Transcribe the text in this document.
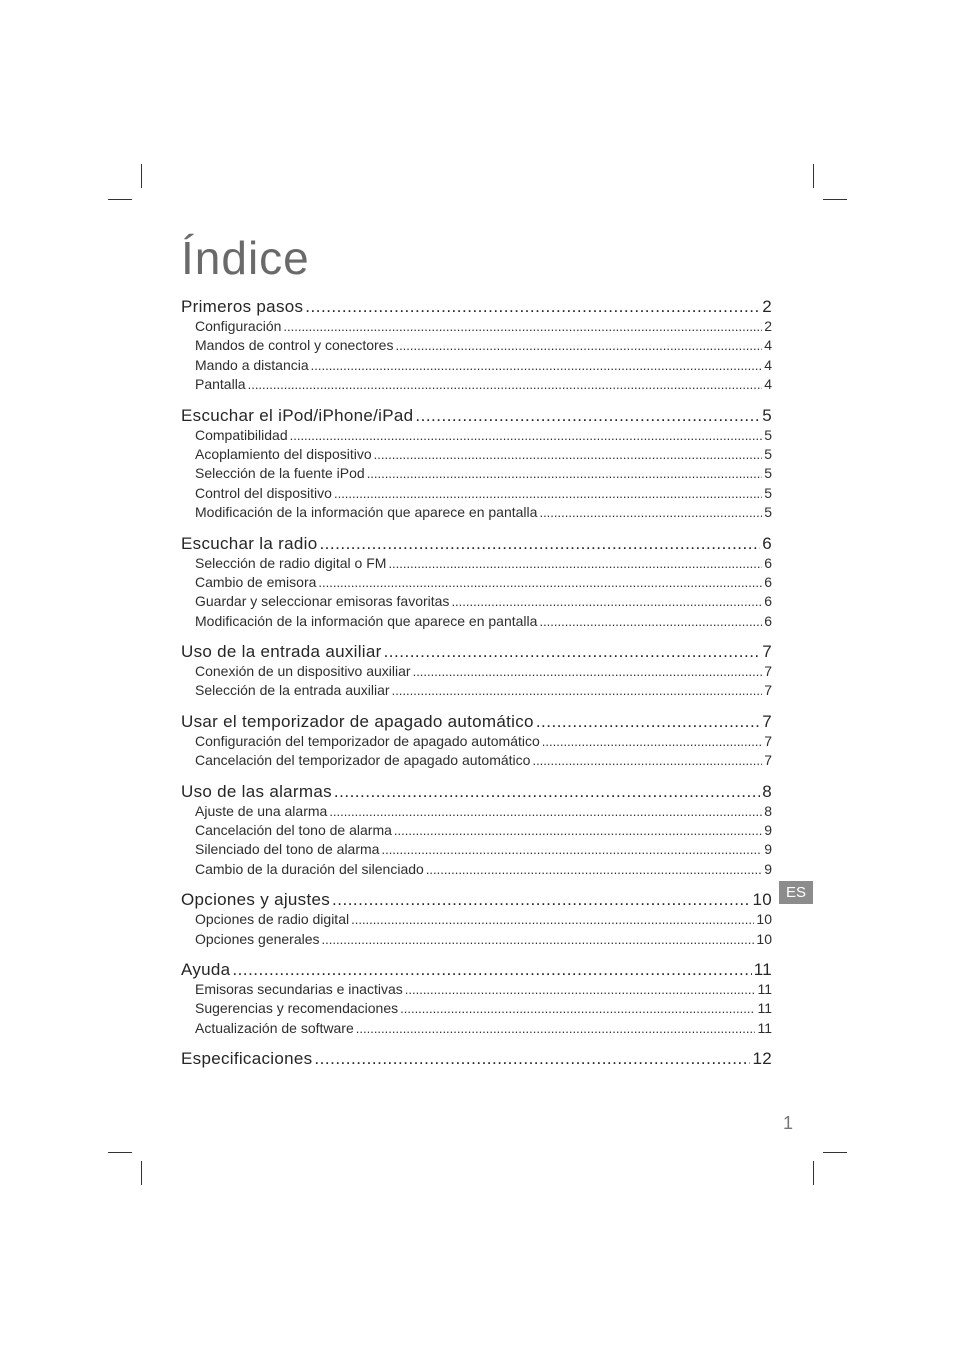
Índice
Primeros pasos .....	2
Configuración .....	2
Mandos de control y conectores .....	4
Mando a distancia .....	4
Pantalla .....	4
Escuchar el iPod/iPhone/iPad .....	5
Compatibilidad .....	5
Acoplamiento del dispositivo .....	5
Selección de la fuente iPod .....	5
Control del dispositivo .....	5
Modificación de la información que aparece en pantalla .....	5
Escuchar la radio .....	6
Selección de radio digital o FM .....	6
Cambio de emisora .....	6
Guardar y seleccionar emisoras favoritas .....	6
Modificación de la información que aparece en pantalla .....	6
Uso de la entrada auxiliar .....	7
Conexión de un dispositivo auxiliar .....	7
Selección de la entrada auxiliar .....	7
Usar el temporizador de apagado automático .....	7
Configuración del temporizador de apagado automático .....	7
Cancelación del temporizador de apagado automático .....	7
Uso de las alarmas .....	8
Ajuste de una alarma .....	8
Cancelación del tono de alarma .....	9
Silenciado del tono de alarma .....	9
Cambio de la duración del silenciado .....	9
Opciones y ajustes .....	10
Opciones de radio digital .....	10
Opciones generales .....	10
Ayuda .....	11
Emisoras secundarias e inactivas .....	11
Sugerencias y recomendaciones .....	11
Actualización de software .....	11
Especificaciones .....	12
ES
1
